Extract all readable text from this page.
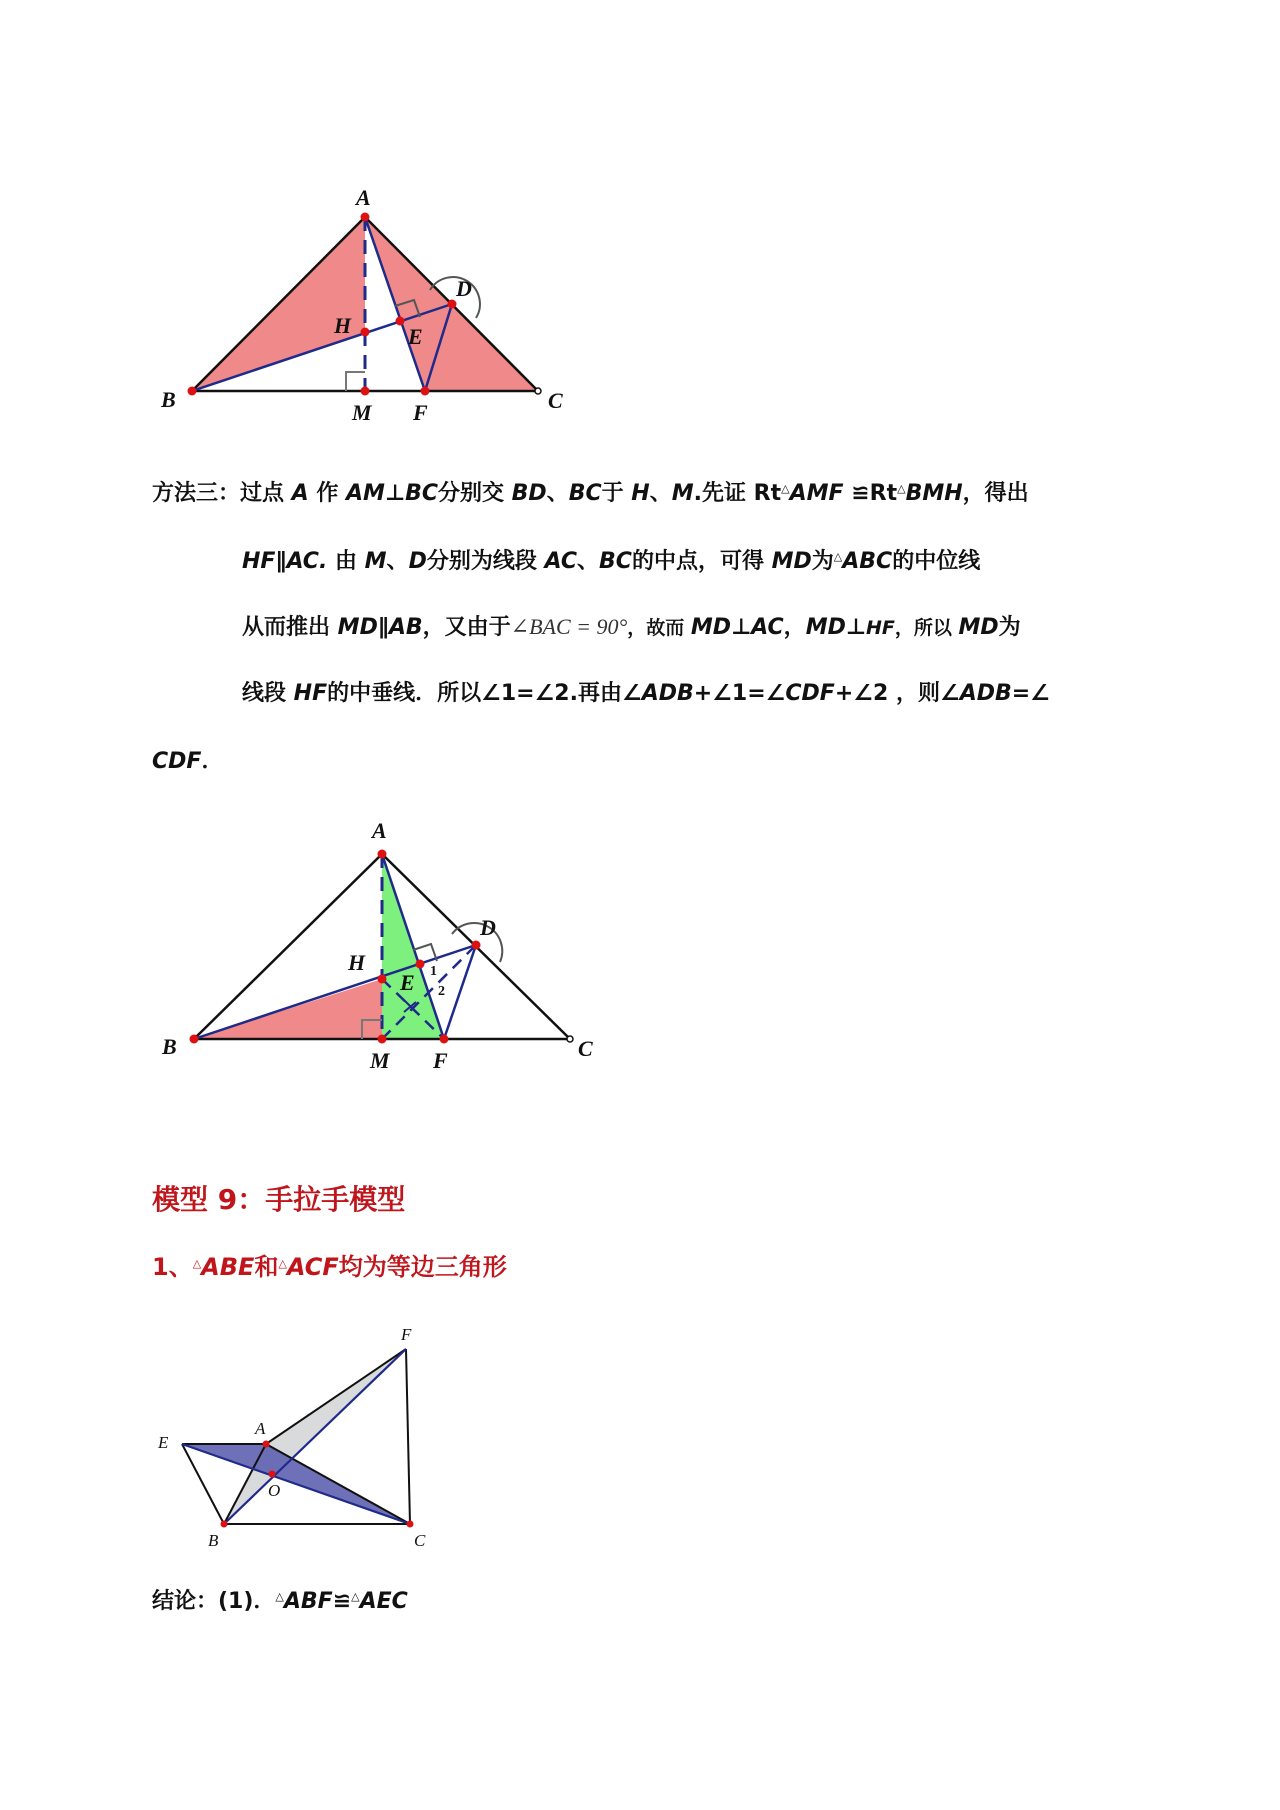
A
B	C
D
E
F
H
M
方法三：过点 A 作 AM⊥BC分别交 BD、BC于 H、M.先证 Rt△AMF ≌Rt△BMH，得出
HF∥AC. 由 M、D分别为线段 AC、BC的中点，可得 MD为△ABC的中位线
从而推出 MD∥AB，又由于∠BAC = 90°，故而 MD⊥AC，MD⊥HF，所以 MD为
线段 HF的中垂线．所以∠1=∠2.再由∠ADB+∠1=∠CDF+∠2 ，则∠ADB=∠
CDF．
1
2
A
B	C
D
E
F
H
M
模型 9：手拉手模型
1、△ABE和△ACF均为等边三角形
A
B	C
E
F
O
结论：(1)．△ABF≌△AEC
